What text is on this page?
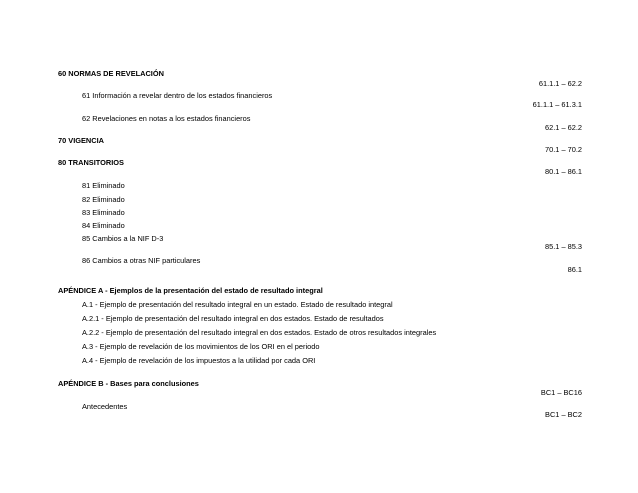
60 NORMAS DE REVELACIÓN
61.1.1 – 62.2
61 Información a revelar dentro de los estados financieros
61.1.1 – 61.3.1
62 Revelaciones en notas a los estados financieros
62.1 – 62.2
70 VIGENCIA
70.1 – 70.2
80 TRANSITORIOS
80.1 – 86.1
81 Eliminado
82 Eliminado
83 Eliminado
84 Eliminado
85 Cambios a la NIF D-3
85.1 – 85.3
86 Cambios a otras NIF particulares
86.1
APÉNDICE A - Ejemplos de la presentación del estado de resultado integral
A.1 - Ejemplo de presentación del resultado integral en un estado. Estado de resultado integral
A.2.1 - Ejemplo de presentación del resultado integral en dos estados. Estado de resultados
A.2.2 - Ejemplo de presentación del resultado integral en dos estados. Estado de otros resultados integrales
A.3 - Ejemplo de revelación de los movimientos de los ORI en el periodo
A.4 - Ejemplo de revelación de los impuestos a la utilidad por cada ORI
APÉNDICE B - Bases para conclusiones
BC1 – BC16
Antecedentes
BC1 – BC2
